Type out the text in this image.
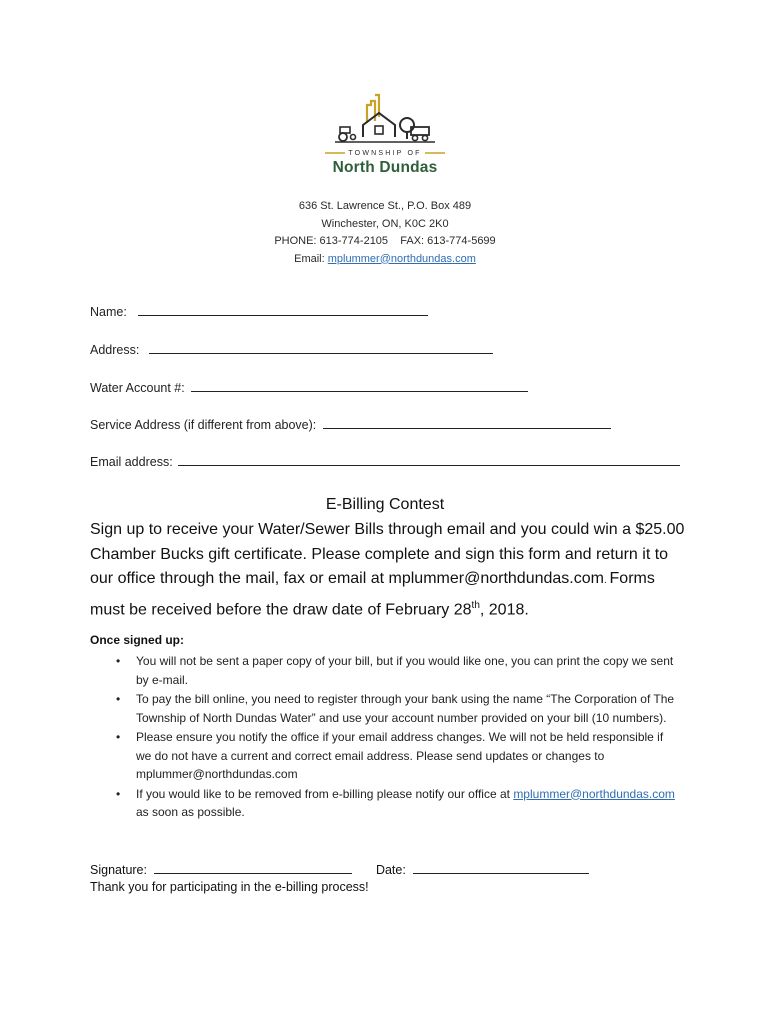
TOWNSHIP OF
North Dundas
636 St. Lawrence St., P.O. Box 489
Winchester, ON, K0C 2K0
PHONE: 613-774-2105    FAX: 613-774-5699
Email: mplummer@northdundas.com
Name:
Address:
Water Account #:
Service Address (if different from above):
Email address:
E-Billing Contest
Sign up to receive your Water/Sewer Bills through email and you could win a $25.00 Chamber Bucks gift certificate. Please complete and sign this form and return it to our office through the mail, fax or email at mplummer@northdundas.com. Forms must be received before the draw date of February 28th, 2018.
Once signed up:
• You will not be sent a paper copy of your bill, but if you would like one, you can print the copy we sent by e-mail.
• To pay the bill online, you need to register through your bank using the name “The Corporation of The Township of North Dundas Water” and use your account number provided on your bill (10 numbers).
• Please ensure you notify the office if your email address changes. We will not be held responsible if we do not have a current and correct email address. Please send updates or changes to mplummer@northdundas.com
• If you would like to be removed from e-billing please notify our office at mplummer@northdundas.com as soon as possible.
Signature:	Date:
Thank you for participating in the e-billing process!
